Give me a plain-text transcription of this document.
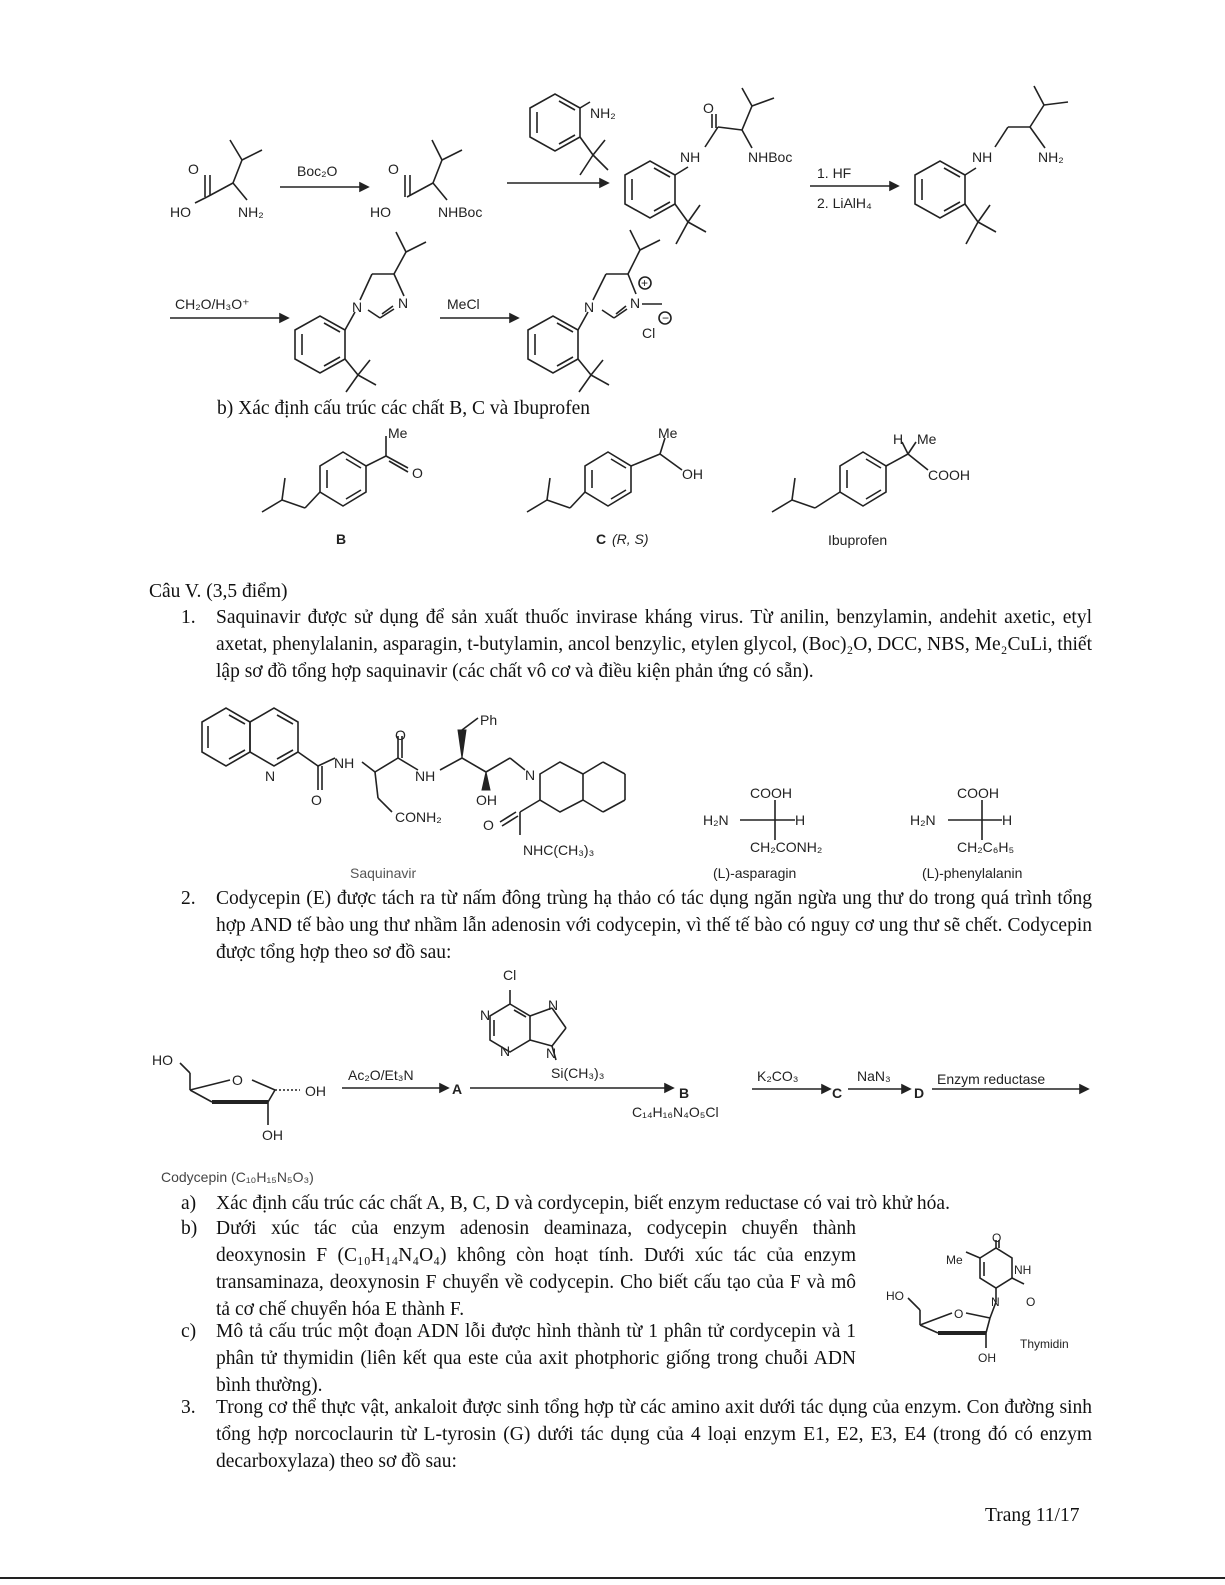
O
HO	NH₂
Boc₂O	O
HO	NHBoc
NH₂	O
NH	NHBoc
1. HF
2. LiAlH₄
NH	NH₂
CH₂O/H₃O⁺	N	N	MeCl
+
−
N	N
Cl
b) Xác định cấu trúc các chất B, C và Ibuprofen
Me
O
B
Me
OH
C (R, S)
H Me
COOH
Ibuprofen
Câu V. (3,5 điểm)
1.	Saquinavir được sử dụng để sản xuất thuốc invirase kháng virus. Từ anilin, benzylamin, andehit axetic, etyl axetat, phenylalanin, asparagin, t-butylamin, ancol benzylic, etylen glycol, (Boc)₂O, DCC, NBS, Me₂CuLi, thiết lập sơ đồ tổng hợp saquinavir (các chất vô cơ và điều kiện phản ứng có sẵn).
Ph
N
O
NH
O
NH
CONH₂
OH
N
O
NHC(CH₃)₃
Saquinavir
COOH
H₂N	H
CH₂CONH₂
(L)-asparagin
COOH
H₂N	H
CH₂C₆H₅
(L)-phenylalanin
2.	Codycepin (E) được tách ra từ nấm đông trùng hạ thảo có tác dụng ngăn ngừa ung thư do trong quá trình tổng hợp AND tế bào ung thư nhầm lẫn adenosin với codycepin, vì thế tế bào có nguy cơ ung thư sẽ chết. Codycepin được tổng hợp theo sơ đồ sau:
HO
O
OH
OH
Ac₂O/Et₃N
A
Cl
N
N
N
N
Si(CH₃)₃
B
C₁₄H₁₆N₄O₅Cl
K₂CO₃
C
NaN₃
D
Enzym reductase
Codycepin (C₁₀H₁₅N₅O₃)
a) Xác định cấu trúc các chất A, B, C, D và cordycepin, biết enzym reductase có vai trò khử hóa.
b) Dưới xúc tác của enzym adenosin deaminaza, codycepin chuyển thành deoxynosin F (C₁₀H₁₄N₄O₄) không còn hoạt tính. Dưới xúc tác của enzym transaminaza, deoxynosin F chuyển về codycepin. Cho biết cấu tạo của F và mô tả cơ chế chuyển hóa E thành F.
c) Mô tả cấu trúc một đoạn ADN lỗi được hình thành từ 1 phân tử cordycepin và 1 phân tử thymidin (liên kết qua este của axit photphoric giống trong chuỗi ADN bình thường).
Me
O
NH
O
N
HO
O
OH
Thymidin
3.	Trong cơ thể thực vật, ankaloit được sinh tổng hợp từ các amino axit dưới tác dụng của enzym. Con đường sinh tổng hợp norcoclaurin từ L-tyrosin (G) dưới tác dụng của 4 loại enzym E1, E2, E3, E4 (trong đó có enzym decarboxylaza) theo sơ đồ sau:
Trang 11/17
